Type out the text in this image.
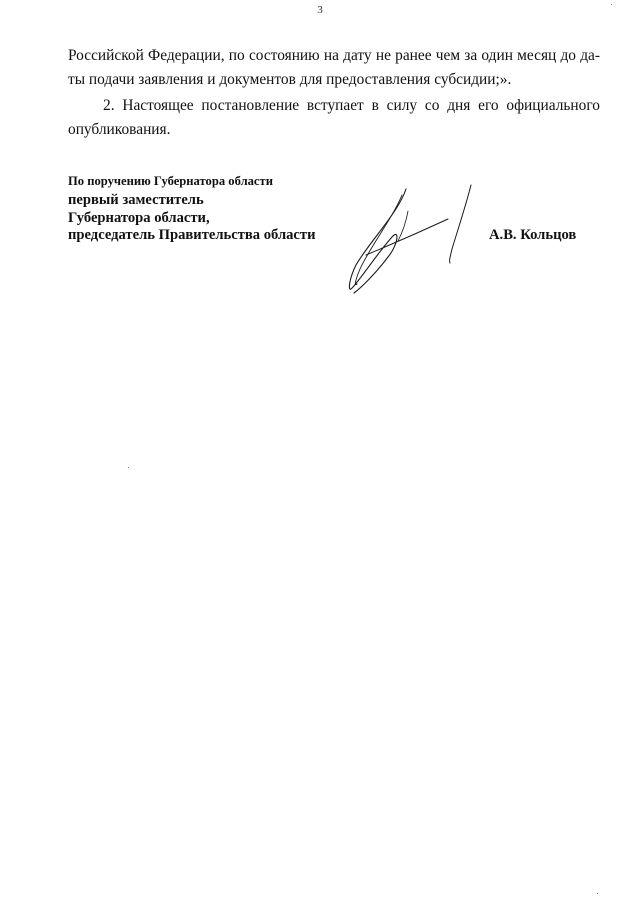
3
Российской Федерации, по состоянию на дату не ранее чем за один месяц до да-
ты подачи заявления и документов для предоставления субсидии;».
2. Настоящее постановление вступает в силу со дня его официального
опубликования.
По поручению Губернатора области
первый заместитель
Губернатора области,
председатель Правительства области	А.В. Кольцов
